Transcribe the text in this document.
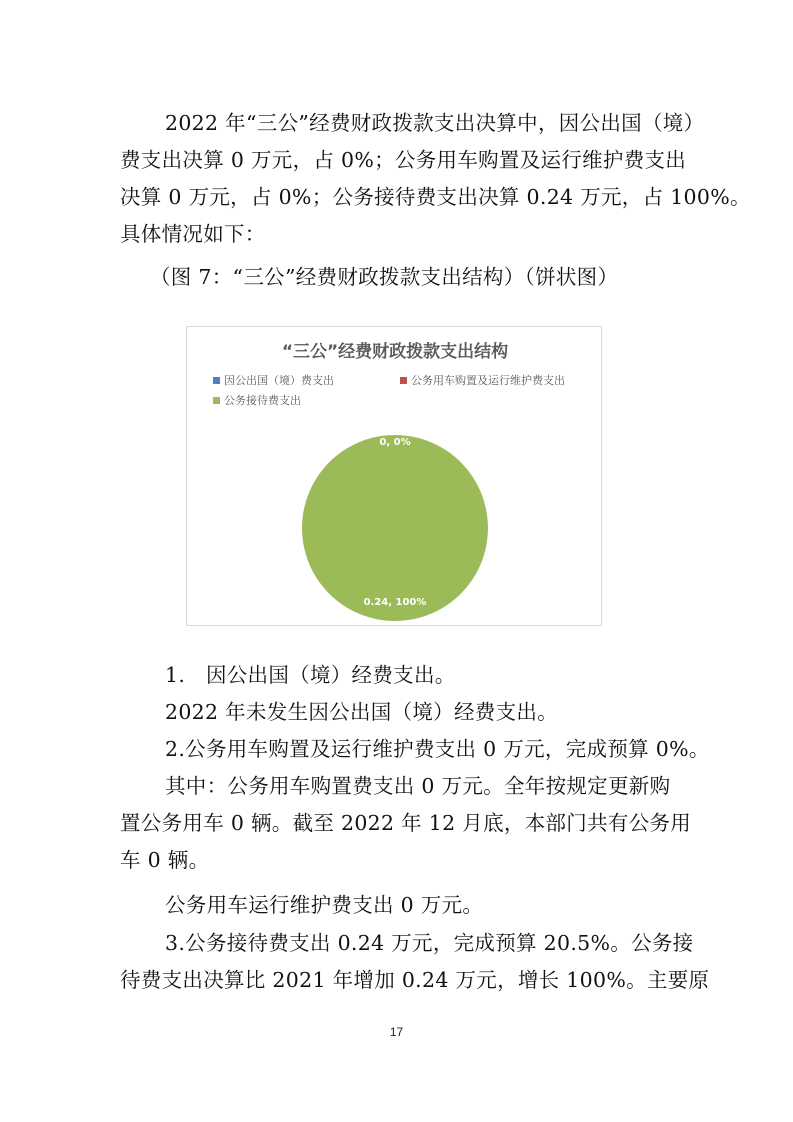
2022 年“三公”经费财政拨款支出决算中，因公出国（境）
费支出决算 0 万元，占 0%；公务用车购置及运行维护费支出
决算 0 万元，占 0%；公务接待费支出决算 0.24 万元，占 100%。
具体情况如下：
（图 7：“三公”经费财政拨款支出结构）（饼状图）
“三公”经费财政拨款支出结构
因公出国（境）费支出	公务用车购置及运行维护费支出
公务接待费支出
0, 0%
0.24, 100%
1.　因公出国（境）经费支出。
2022 年未发生因公出国（境）经费支出。
2.公务用车购置及运行维护费支出 0 万元，完成预算 0%。
其中：公务用车购置费支出 0 万元。全年按规定更新购
置公务用车 0 辆。截至 2022 年 12 月底，本部门共有公务用
车 0 辆。
公务用车运行维护费支出 0 万元。
3.公务接待费支出 0.24 万元，完成预算 20.5%。公务接
待费支出决算比 2021 年增加 0.24 万元，增长 100%。主要原
17
